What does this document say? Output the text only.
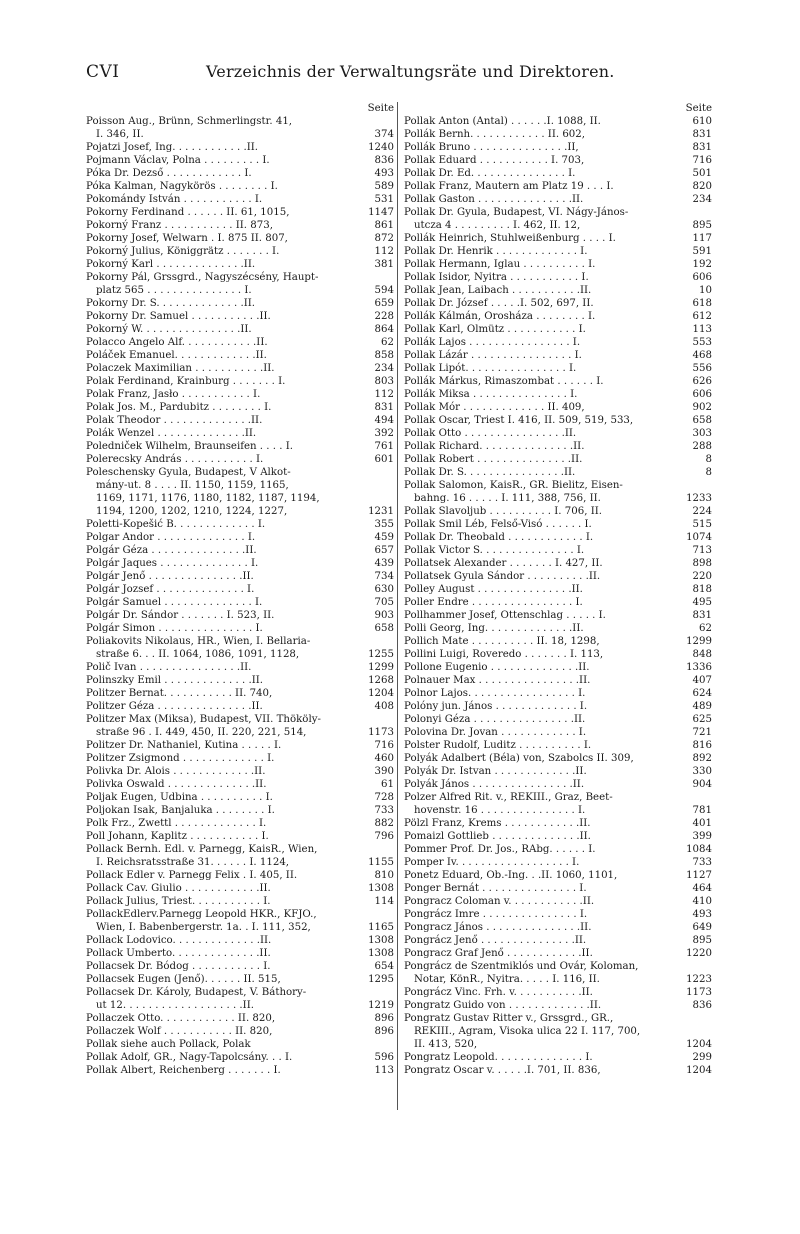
CVI	Verzeichnis der Verwaltungsräte und Direktoren.
Seite
Poisson Aug., Brünn, Schmerlingstr. 41,
I. 346, II.	374
Pojatzi Josef, Ing. . . . . . . . . . . .II.	1240
Pojmann Václav, Polna . . . . . . . . . I.	836
Póka Dr. Dezső . . . . . . . . . . . . I.	493
Póka Kalman, Nagykörös . . . . . . . . I.	589
Pokomándy István . . . . . . . . . . . I.	531
Pokorny Ferdinand . . . . . . II. 61, 1015,	1147
Pokorný Franz . . . . . . . . . . . II. 873,	861
Pokorny Josef, Welwarn . I. 875 II. 807,	872
Pokorný Julius, Königgrätz . . . . . . . I.	112
Pokorný Karl . . . . . . . . . . . . . .II.	381
Pokorny Pál, Grssgrd., Nagyszécsény, Haupt-
platz 565 . . . . . . . . . . . . . . . I.	594
Pokorny Dr. S. . . . . . . . . . . . . .II.	659
Pokorny Dr. Samuel . . . . . . . . . . .II.	228
Pokorný W. . . . . . . . . . . . . . . .II.	864
Polacco Angelo Alf. . . . . . . . . . . .II.	62
Poláček Emanuel. . . . . . . . . . . . .II.	858
Polaczek Maximilian . . . . . . . . . . .II.	234
Polak Ferdinand, Krainburg . . . . . . . I.	803
Polak Franz, Jasło . . . . . . . . . . . I.	112
Polak Jos. M., Pardubitz . . . . . . . . I.	831
Polak Theodor . . . . . . . . . . . . . .II.	494
Polák Wenzel . . . . . . . . . . . . . .II.	392
Poledniček Wilhelm, Braunseifen . . . . I.	761
Polerecsky András . . . . . . . . . . . I.	601
Poleschensky Gyula, Budapest, V Alkot-
mány-ut. 8 . . . . II. 1150, 1159, 1165,
1169, 1171, 1176, 1180, 1182, 1187, 1194,
1194, 1200, 1202, 1210, 1224, 1227,	1231
Poletti-Kopešić B. . . . . . . . . . . . . I.	355
Polgar Andor . . . . . . . . . . . . . . I.	459
Polgár Géza . . . . . . . . . . . . . . .II.	657
Polgár Jaques . . . . . . . . . . . . . . I.	439
Polgár Jenő . . . . . . . . . . . . . . .II.	734
Polgár Jozsef . . . . . . . . . . . . . . I.	630
Polgár Samuel . . . . . . . . . . . . . . I.	705
Polgár Dr. Sándor . . . . . . . I. 523, II.	903
Polgár Simon . . . . . . . . . . . . . . . I.	658
Poliakovits Nikolaus, HR., Wien, I. Bellaria-
straße 6. . . II. 1064, 1086, 1091, 1128,	1255
Polič Ivan . . . . . . . . . . . . . . . .II.	1299
Polinszky Emil . . . . . . . . . . . . . .II.	1268
Politzer Bernat. . . . . . . . . . . II. 740,	1204
Politzer Géza . . . . . . . . . . . . . . .II.	408
Politzer Max (Miksa), Budapest, VII. Thököly-
straße 96 . I. 449, 450, II. 220, 221, 514,	1173
Politzer Dr. Nathaniel, Kutina . . . . . I.	716
Politzer Zsigmond . . . . . . . . . . . . . I.	460
Polivka Dr. Alois . . . . . . . . . . . . .II.	390
Polivka Oswald . . . . . . . . . . . . . .II.	61
Poljak Eugen, Udbina . . . . . . . . . . I.	728
Poljokan Isak, Banjaluka . . . . . . . . I.	733
Polk Frz., Zwettl . . . . . . . . . . . . . I.	882
Poll Johann, Kaplitz . . . . . . . . . . . I.	796
Pollack Bernh. Edl. v. Parnegg, KaisR., Wien,
I. Reichsratsstraße 31. . . . . . I. 1124,	1155
Pollack Edler v. Parnegg Felix . I. 405, II.	810
Pollack Cav. Giulio . . . . . . . . . . . .II.	1308
Pollack Julius, Triest. . . . . . . . . . . I.	114
PollackEdlerv.Parnegg Leopold HKR., KFJO.,
Wien, I. Babenbergerstr. 1a. . I. 111, 352,	1165
Pollack Lodovico. . . . . . . . . . . . . .II.	1308
Pollack Umberto. . . . . . . . . . . . . .II.	1308
Pollacsek Dr. Bódog . . . . . . . . . . . I.	654
Pollacsek Eugen (Jenő). . . . . . II. 515,	1295
Pollacsek Dr. Károly, Budapest, V. Báthory-
ut 12. . . . . . . . . . . . . . . . . . .II.	1219
Pollaczek Otto. . . . . . . . . . . . II. 820,	896
Pollaczek Wolf . . . . . . . . . . . II. 820,	896
Pollak siehe auch Pollack, Polak
Pollak Adolf, GR., Nagy-Tapolcsány. . . I.	596
Pollak Albert, Reichenberg . . . . . . . I.	113
Seite
Pollak Anton (Antal) . . . . . .I. 1088, II.	610
Pollák Bernh. . . . . . . . . . . . II. 602,	831
Pollák Bruno . . . . . . . . . . . . . . .II,	831
Pollak Eduard . . . . . . . . . . . I. 703,	716
Pollak Dr. Ed. . . . . . . . . . . . . . . I.	501
Pollak Franz, Mautern am Platz 19 . . . I.	820
Pollak Gaston . . . . . . . . . . . . . . .II.	234
Pollak Dr. Gyula, Budapest, VI. Nágy-János-
utcza 4 . . . . . . . . . I. 462, II. 12,	895
Pollák Heinrich, Stuhlweißenburg . . . . I.	117
Pollak Dr. Henrik . . . . . . . . . . . . . I.	591
Pollak Hermann, Iglau . . . . . . . . . . I.	192
Pollak Isidor, Nyitra . . . . . . . . . . . I.	606
Pollak Jean, Laibach . . . . . . . . . . .II.	10
Pollak Dr. József . . . . .I. 502, 697, II.	618
Pollák Kálmán, Orosháza . . . . . . . . I.	612
Pollak Karl, Olmütz . . . . . . . . . . . I.	113
Pollák Lajos . . . . . . . . . . . . . . . . I.	553
Pollak Lázár . . . . . . . . . . . . . . . . I.	468
Pollak Lipót. . . . . . . . . . . . . . . . I.	556
Pollák Márkus, Rimaszombat . . . . . . I.	626
Pollák Miksa . . . . . . . . . . . . . . . I.	606
Pollak Mór . . . . . . . . . . . . . II. 409,	902
Pollak Oscar, Triest I. 416, II. 509, 519, 533,	658
Pollak Otto . . . . . . . . . . . . . . . .II.	303
Pollak Richard. . . . . . . . . . . . . . .II.	288
Pollak Robert . . . . . . . . . . . . . . .II.	8
Pollak Dr. S. . . . . . . . . . . . . . . .II.	8
Pollak Salomon, KaisR., GR. Bielitz, Eisen-
bahng. 16 . . . . . I. 111, 388, 756, II.	1233
Pollak Slavoljub . . . . . . . . . . I. 706, II.	224
Pollak Smil Léb, Felső-Visó . . . . . . I.	515
Pollak Dr. Theobald . . . . . . . . . . . . I.	1074
Pollak Victor S. . . . . . . . . . . . . . . I.	713
Pollatsek Alexander . . . . . . . I. 427, II.	898
Pollatsek Gyula Sándor . . . . . . . . . .II.	220
Polley August . . . . . . . . . . . . . . .II.	818
Poller Endre . . . . . . . . . . . . . . . . I.	495
Pollhammer Josef, Ottenschlag . . . . . I.	831
Polli Georg, Ing. . . . . . . . . . . . . .II.	62
Pollich Mate . . . . . . . . . . II. 18, 1298,	1299
Pollini Luigi, Roveredo . . . . . . . I. 113,	848
Pollone Eugenio . . . . . . . . . . . . . .II.	1336
Polnauer Max . . . . . . . . . . . . . . . .II.	407
Polnor Lajos. . . . . . . . . . . . . . . . . I.	624
Polóny jun. János . . . . . . . . . . . . . I.	489
Polonyi Géza . . . . . . . . . . . . . . . .II.	625
Polovina Dr. Jovan . . . . . . . . . . . . I.	721
Polster Rudolf, Luditz . . . . . . . . . . I.	816
Polyák Adalbert (Béla) von, Szabolcs II. 309,	892
Polyák Dr. Istvan . . . . . . . . . . . . .II.	330
Polyák János . . . . . . . . . . . . . . . .II.	904
Polzer Alfred Rit. v., REKIII., Graz, Beet-
hovenstr. 16 . . . . . . . . . . . . . . . I.	781
Pölzl Franz, Krems . . . . . . . . . . . .II.	401
Pomaizl Gottlieb . . . . . . . . . . . . . .II.	399
Pommer Prof. Dr. Jos., RAbg. . . . . . I.	1084
Pomper Iv. . . . . . . . . . . . . . . . . . I.	733
Ponetz Eduard, Ob.-Ing. . .II. 1060, 1101,	1127
Ponger Bernát . . . . . . . . . . . . . . . I.	464
Pongracz Coloman v. . . . . . . . . . . .II.	410
Pongrácz Imre . . . . . . . . . . . . . . . I.	493
Pongracz János . . . . . . . . . . . . . . .II.	649
Pongrácz Jenő . . . . . . . . . . . . . . .II.	895
Pongracz Graf Jenő . . . . . . . . . . . .II.	1220
Pongrácz de Szentmiklós und Ovár, Koloman,
Notar, KönR., Nyitra. . . . . I. 116, II.	1223
Pongrácz Vinc. Frh. v. . . . . . . . . . .II.	1173
Pongratz Guido von . . . . . . . . . . . . .II.	836
Pongratz Gustav Ritter v., Grssgrd., GR.,
REKIII., Agram, Visoka ulica 22 I. 117, 700,
II. 413, 520,	1204
Pongratz Leopold. . . . . . . . . . . . . . I.	299
Pongratz Oscar v. . . . . .I. 701, II. 836,	1204
